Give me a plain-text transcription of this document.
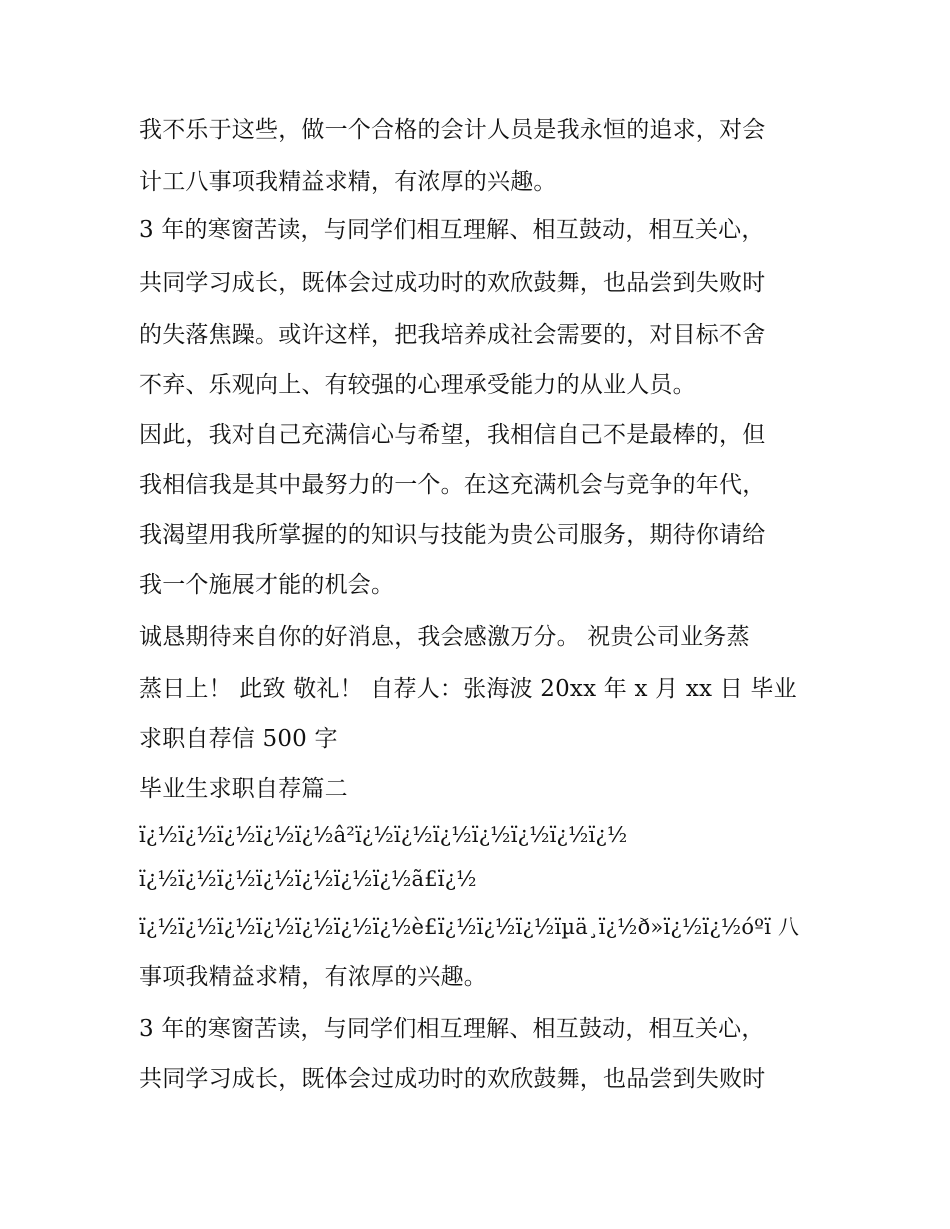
我不乐于这些，做一个合格的会计人员是我永恒的追求，对会
计工八事项我精益求精，有浓厚的兴趣。
3 年的寒窗苦读，与同学们相互理解、相互鼓动，相互关心，
共同学习成长，既体会过成功时的欢欣鼓舞，也品尝到失败时
的失落焦躁。或许这样，把我培养成社会需要的，对目标不舍
不弃、乐观向上、有较强的心理承受能力的从业人员。
因此，我对自己充满信心与希望，我相信自己不是最棒的，但
我相信我是其中最努力的一个。在这充满机会与竞争的年代，
我渴望用我所掌握的的知识与技能为贵公司服务，期待你请给
我一个施展才能的机会。
诚恳期待来自你的好消息，我会感激万分。 祝贵公司业务蒸
蒸日上！ 此致 敬礼！ 自荐人：张海波 20xx 年 x 月 xx 日 毕业
求职自荐信 500 字
毕业生求职自荐篇二
ï¿½ï¿½ï¿½ï¿½ï¿½â²ï¿½ï¿½ï¿½ï¿½ï¿½ï¿½ï¿½
ï¿½ï¿½ï¿½ï¿½ï¿½ï¿½ï¿½ã£ï¿½
ï¿½ï¿½ï¿½ï¿½ï¿½ï¿½ï¿½è£ï¿½ï¿½ï¿½ïµä¸ï¿½ð»ï¿½ï¿½óºï 八
事项我精益求精，有浓厚的兴趣。
3 年的寒窗苦读，与同学们相互理解、相互鼓动，相互关心，
共同学习成长，既体会过成功时的欢欣鼓舞，也品尝到失败时
